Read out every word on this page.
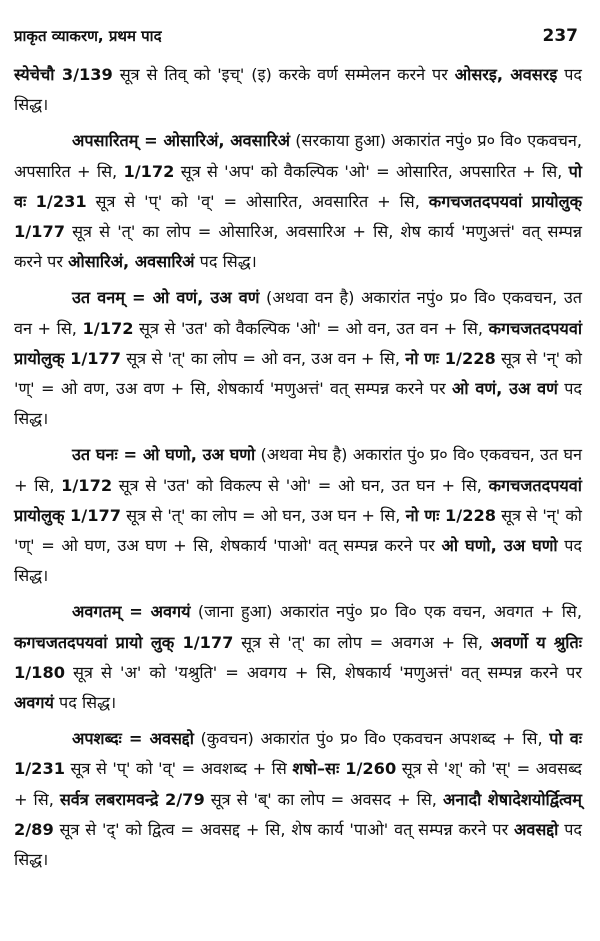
प्राकृत व्याकरण, प्रथम पाद	237

स्येचेचौ 3/139 सूत्र से तिव् को 'इच्' (इ) करके वर्ण सम्मेलन करने पर ओसरइ, अवसरइ पद सिद्ध।

अपसारितम् = ओसारिअं, अवसारिअं (सरकाया हुआ) अकारांत नपुं० प्र० वि० एकवचन, अपसारित + सि, 1/172 सूत्र से 'अप' को वैकल्पिक 'ओ' = ओसारित, अपसारित + सि, पो वः 1/231 सूत्र से 'प्' को 'व्' = ओसारित, अवसारित + सि, कगचजतदपयवां प्रायोलुक् 1/177 सूत्र से 'त्' का लोप = ओसारिअ, अवसारिअ + सि, शेष कार्य 'मणुअत्तं' वत् सम्पन्न करने पर ओसारिअं, अवसारिअं पद सिद्ध।

उत वनम् = ओ वणं, उअ वणं (अथवा वन है) अकारांत नपुं० प्र० वि० एकवचन, उत वन + सि, 1/172 सूत्र से 'उत' को वैकल्पिक 'ओ' = ओ वन, उत वन + सि, कगचजतदपयवां प्रायोलुक् 1/177 सूत्र से 'त्' का लोप = ओ वन, उअ वन + सि, नो णः 1/228 सूत्र से 'न्' को 'ण्' = ओ वण, उअ वण + सि, शेषकार्य 'मणुअत्तं' वत् सम्पन्न करने पर ओ वणं, उअ वणं पद सिद्ध।

उत घनः = ओ घणो, उअ घणो (अथवा मेघ है) अकारांत पुं० प्र० वि० एकवचन, उत घन + सि, 1/172 सूत्र से 'उत' को विकल्प से 'ओ' = ओ घन, उत घन + सि, कगचजतदपयवां प्रायोलुक् 1/177 सूत्र से 'त्' का लोप = ओ घन, उअ घन + सि, नो णः 1/228 सूत्र से 'न्' को 'ण्' = ओ घण, उअ घण + सि, शेषकार्य 'पाओ' वत् सम्पन्न करने पर ओ घणो, उअ घणो पद सिद्ध।

अवगतम् = अवगयं (जाना हुआ) अकारांत नपुं० प्र० वि० एक वचन, अवगत + सि, कगचजतदपयवां प्रायो लुक् 1/177 सूत्र से 'त्' का लोप = अवगअ + सि, अवर्णो य श्रुतिः 1/180 सूत्र से 'अ' को 'यश्रुति' = अवगय + सि, शेषकार्य 'मणुअत्तं' वत् सम्पन्न करने पर अवगयं पद सिद्ध।

अपशब्दः = अवसद्दो (कुवचन) अकारांत पुं० प्र० वि० एकवचन अपशब्द + सि, पो वः 1/231 सूत्र से 'प्' को 'व्' = अवशब्द + सि शषो–सः 1/260 सूत्र से 'श्' को 'स्' = अवसब्द + सि, सर्वत्र लबरामवन्द्रे 2/79 सूत्र से 'ब्' का लोप = अवसद + सि, अनादौ शेषादेशयोर्द्वित्वम् 2/89 सूत्र से 'द्' को द्वित्व = अवसद्द + सि, शेष कार्य 'पाओ' वत् सम्पन्न करने पर अवसद्दो पद सिद्ध।
